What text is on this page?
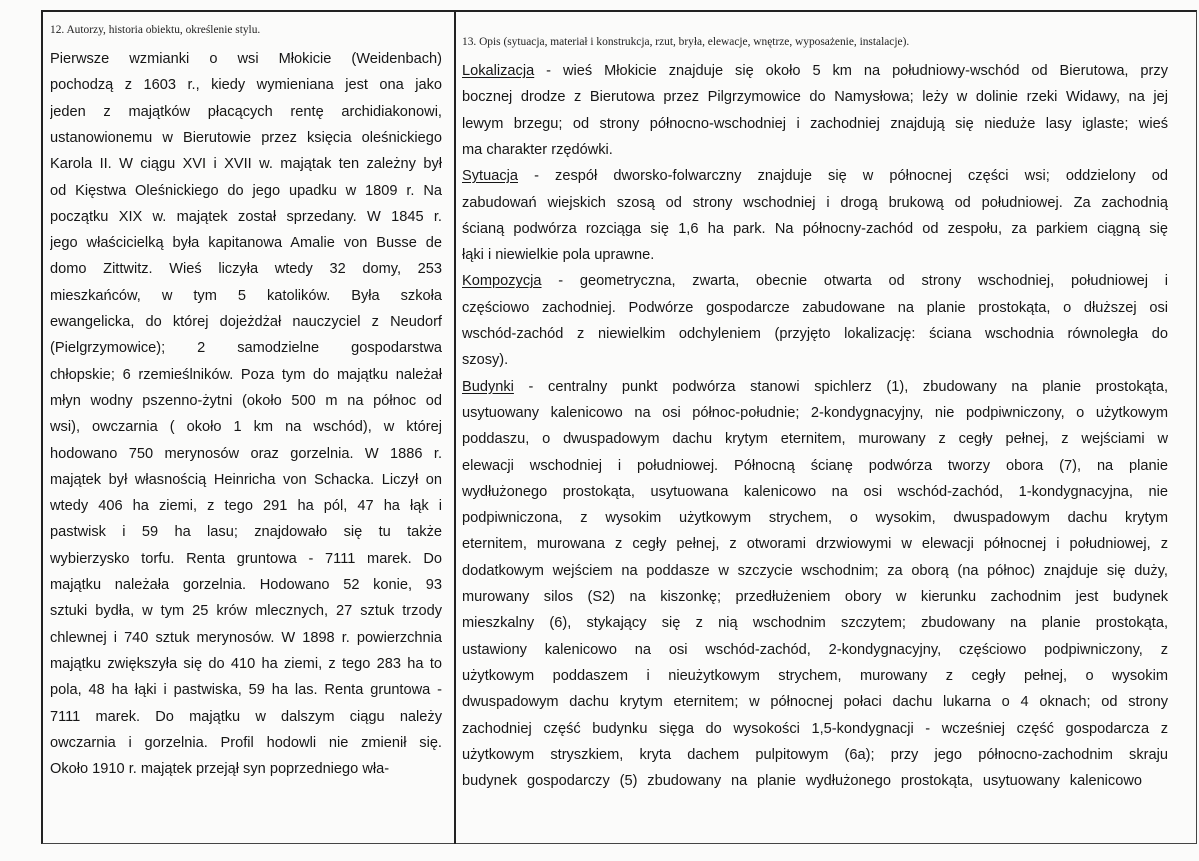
12. Autorzy, historia obiektu, określenie stylu.
Pierwsze wzmianki o wsi Młokicie (Weidenbach)
pochodzą z 1603 r., kiedy wymieniana jest ona jako
jeden z majątków płacących rentę archidiakonowi,
ustanowionemu w Bierutowie przez księcia oleśnickiego
Karola II. W ciągu XVI i XVII w. majątak ten zależny był
od Kięstwa Oleśnickiego do jego upadku w 1809 r. Na
początku XIX w. majątek został sprzedany. W 1845 r.
jego właścicielką była kapitanowa Amalie von Busse de
domo Zittwitz. Wieś liczyła wtedy 32 domy, 253
mieszkańców, w tym 5 katolików. Była szkoła
ewangelicka, do której dojeżdżał nauczyciel z Neudorf
(Pielgrzymowice); 2 samodzielne gospodarstwa
chłopskie; 6 rzemieślników. Poza tym do majątku należał
młyn wodny pszenno-żytni (około 500 m na północ od
wsi), owczarnia ( około 1 km na wschód), w której
hodowano 750 merynosów oraz gorzelnia. W 1886 r.
majątek był własnością Heinricha von Schacka. Liczył on
wtedy 406 ha ziemi, z tego 291 ha pól, 47 ha łąk i
pastwisk i 59 ha lasu; znajdowało się tu także
wybierzysko torfu. Renta gruntowa - 7111 marek. Do
majątku należała gorzelnia. Hodowano 52 konie, 93
sztuki bydła, w tym 25 krów mlecznych, 27 sztuk trzody
chlewnej i 740 sztuk merynosów. W 1898 r. powierzchnia
majątku zwiększyła się do 410 ha ziemi, z tego 283 ha to
pola, 48 ha łąki i pastwiska, 59 ha las. Renta gruntowa -
7111 marek. Do majątku w dalszym ciągu należy
owczarnia i gorzelnia. Profil hodowli nie zmienił się.
Około 1910 r. majątek przejął syn poprzedniego wła-
13. Opis (sytuacja, materiał i konstrukcja, rzut, bryła, elewacje, wnętrze, wyposażenie, instalacje).
Lokalizacja - wieś Młokicie znajduje się około 5 km na południowy-wschód od Bierutowa, przy
bocznej drodze z Bierutowa przez Pilgrzymowice do Namysłowa; leży w dolinie rzeki Widawy, na jej
lewym brzegu; od strony północno-wschodniej i zachodniej znajdują się nieduże lasy iglaste; wieś
ma charakter rzędówki.
Sytuacja - zespół dworsko-folwarczny znajduje się w północnej części wsi; oddzielony od
zabudowań wiejskich szosą od strony wschodniej i drogą brukową od południowej. Za zachodnią
ścianą podwórza rozciąga się 1,6 ha park. Na północny-zachód od zespołu, za parkiem ciągną się
łąki i niewielkie pola uprawne.
Kompozycja - geometryczna, zwarta, obecnie otwarta od strony wschodniej, południowej i
częściowo zachodniej. Podwórze gospodarcze zabudowane na planie prostokąta, o dłuższej osi
wschód-zachód z niewielkim odchyleniem (przyjęto lokalizację: ściana wschodnia równoległa do
szosy).
Budynki - centralny punkt podwórza stanowi spichlerz (1), zbudowany na planie prostokąta,
usytuowany kalenicowo na osi północ-południe; 2-kondygnacyjny, nie podpiwniczony, o użytkowym
poddaszu, o dwuspadowym dachu krytym eternitem, murowany z cegły pełnej, z wejściami w
elewacji wschodniej i południowej. Północną ścianę podwórza tworzy obora (7), na planie
wydłużonego prostokąta, usytuowana kalenicowo na osi wschód-zachód, 1-kondygnacyjna, nie
podpiwniczona, z wysokim użytkowym strychem, o wysokim, dwuspadowym dachu krytym
eternitem, murowana z cegły pełnej, z otworami drzwiowymi w elewacji północnej i południowej, z
dodatkowym wejściem na poddasze w szczycie wschodnim; za oborą (na północ) znajduje się duży,
murowany silos (S2) na kiszonkę; przedłużeniem obory w kierunku zachodnim jest budynek
mieszkalny (6), stykający się z nią wschodnim szczytem; zbudowany na planie prostokąta,
ustawiony kalenicowo na osi wschód-zachód, 2-kondygnacyjny, częściowo podpiwniczony, z
użytkowym poddaszem i nieużytkowym strychem, murowany z cegły pełnej, o wysokim
dwuspadowym dachu krytym eternitem; w północnej połaci dachu lukarna o 4 oknach; od strony
zachodniej część budynku sięga do wysokości 1,5-kondygnacji - wcześniej część gospodarcza z
użytkowym stryszkiem, kryta dachem pulpitowym (6a); przy jego północno-zachodnim skraju
budynek gospodarczy (5) zbudowany na planie wydłużonego prostokąta, usytuowany kalenicowo
